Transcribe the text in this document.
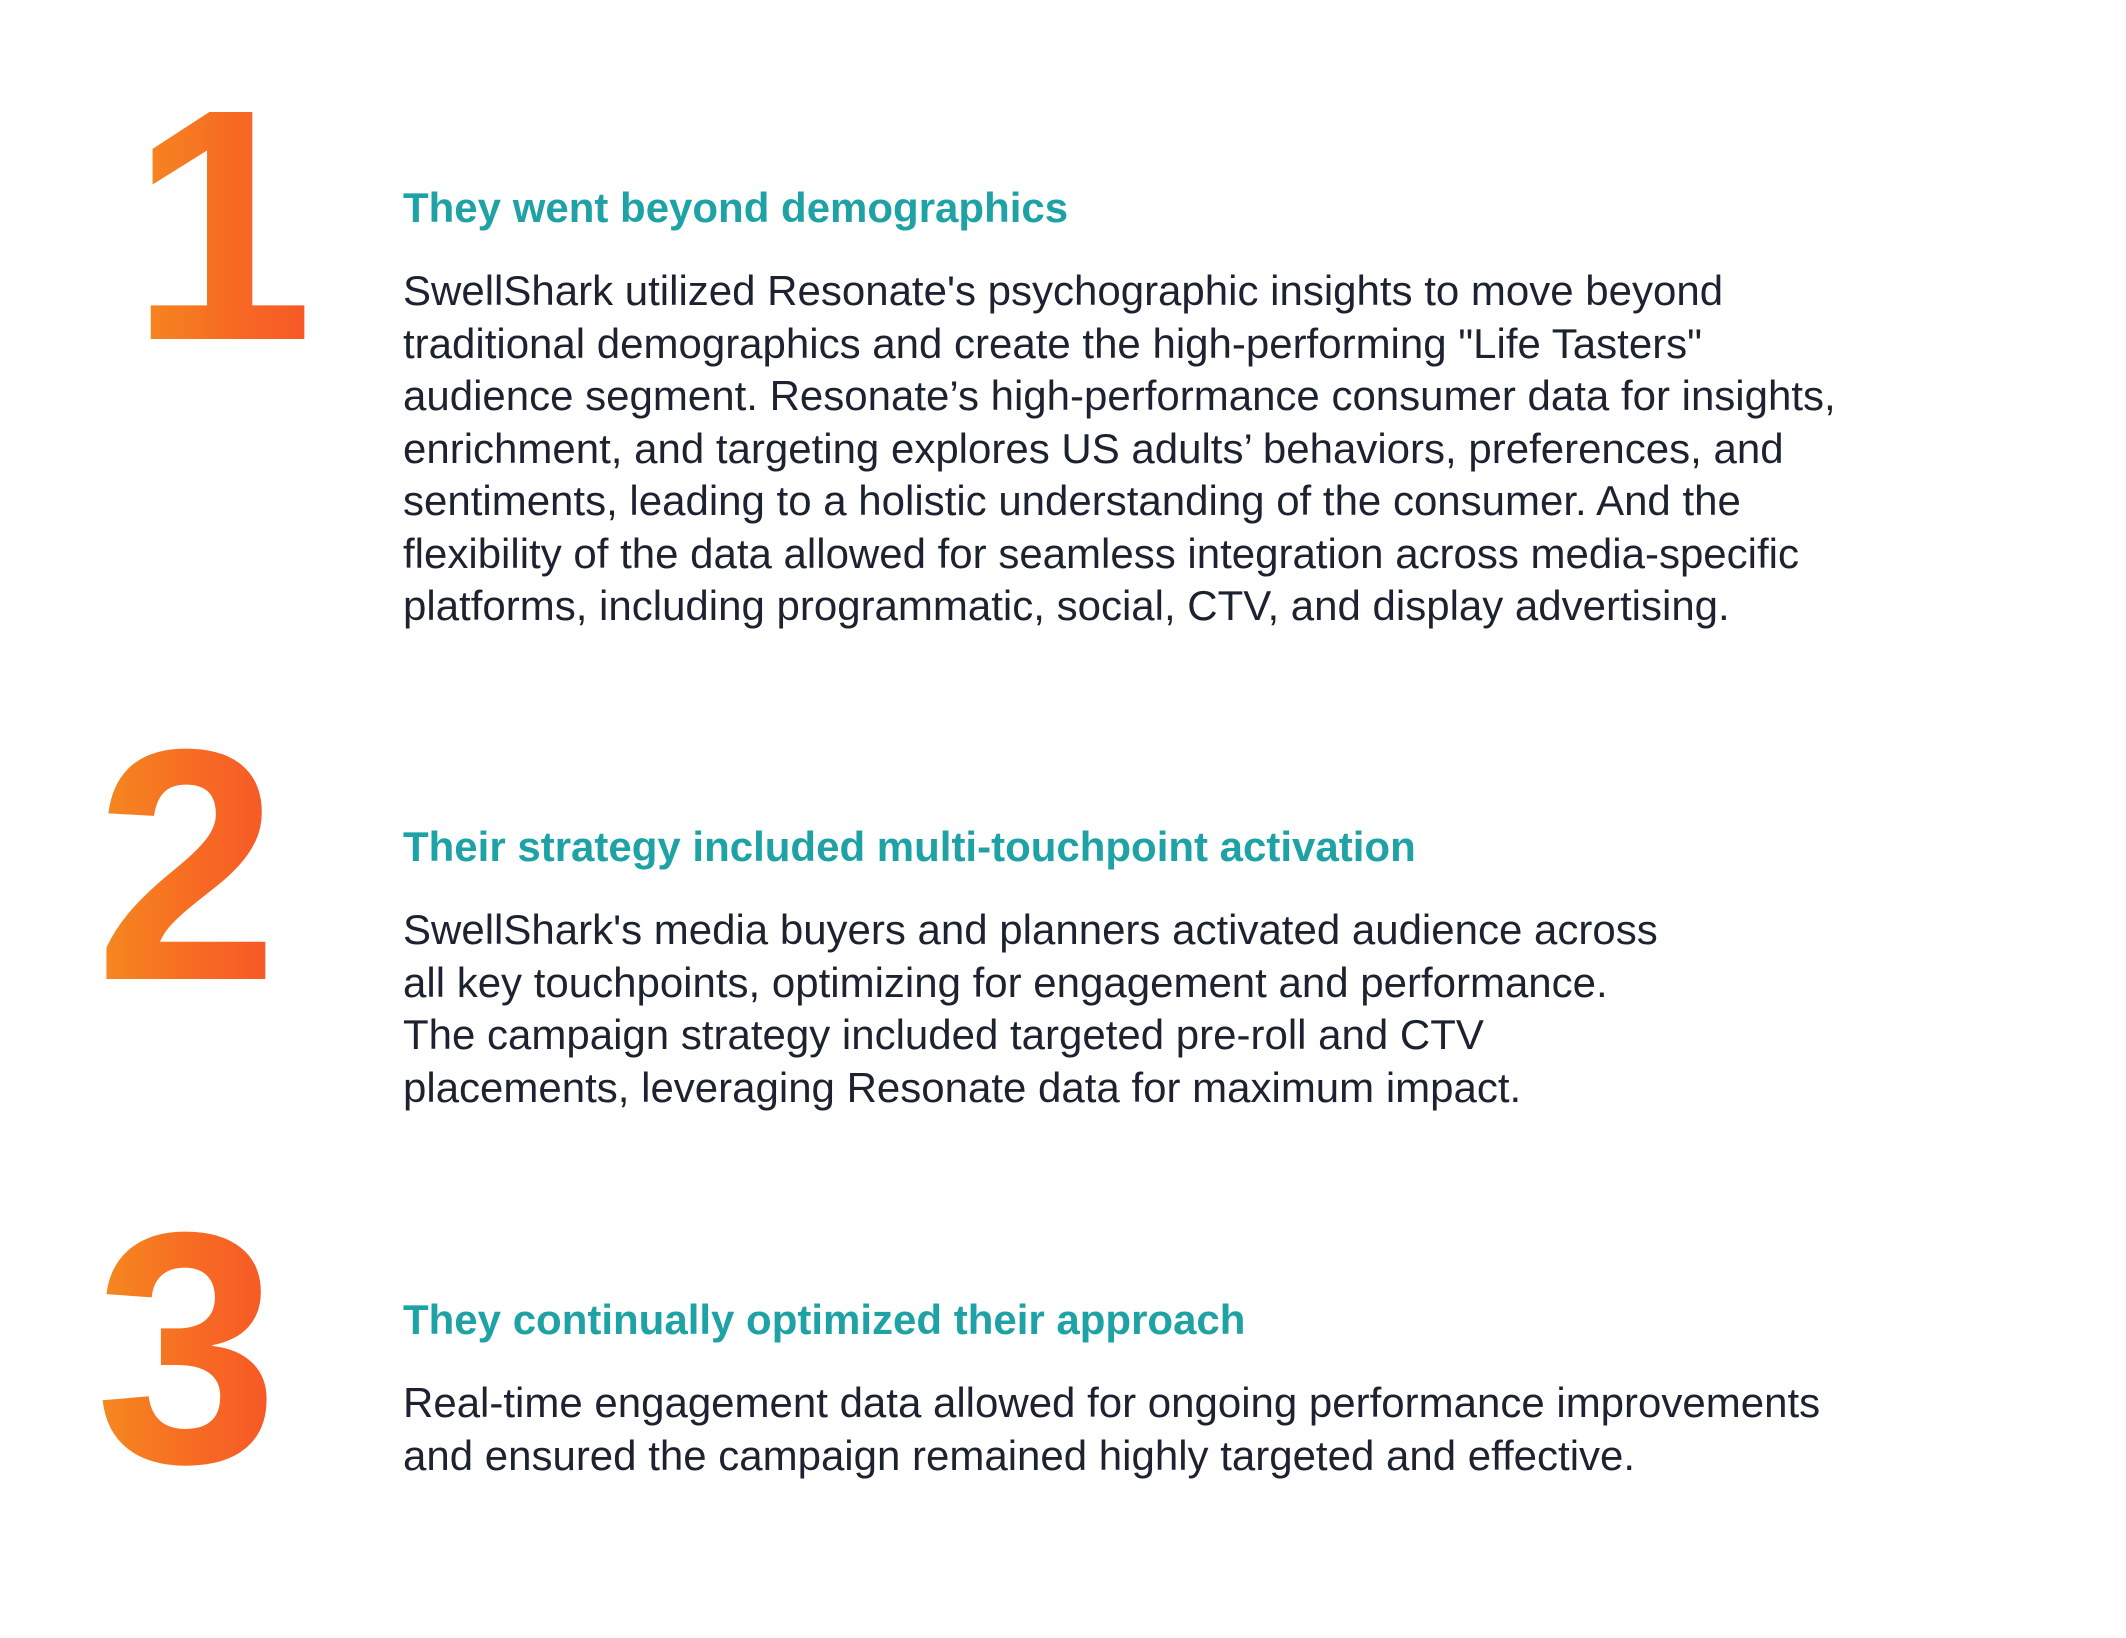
1	They went beyond demographics

SwellShark utilized Resonate's psychographic insights to move beyond
traditional demographics and create the high-performing "Life Tasters"
audience segment. Resonate’s high-performance consumer data for insights,
enrichment, and targeting explores US adults’ behaviors, preferences, and
sentiments, leading to a holistic understanding of the consumer. And the
flexibility of the data allowed for seamless integration across media-specific
platforms, including programmatic, social, CTV, and display advertising.

2	Their strategy included multi-touchpoint activation

SwellShark's media buyers and planners activated audience across
all key touchpoints, optimizing for engagement and performance.
The campaign strategy included targeted pre-roll and CTV
placements, leveraging Resonate data for maximum impact.

3	They continually optimized their approach

Real-time engagement data allowed for ongoing performance improvements
and ensured the campaign remained highly targeted and effective.
